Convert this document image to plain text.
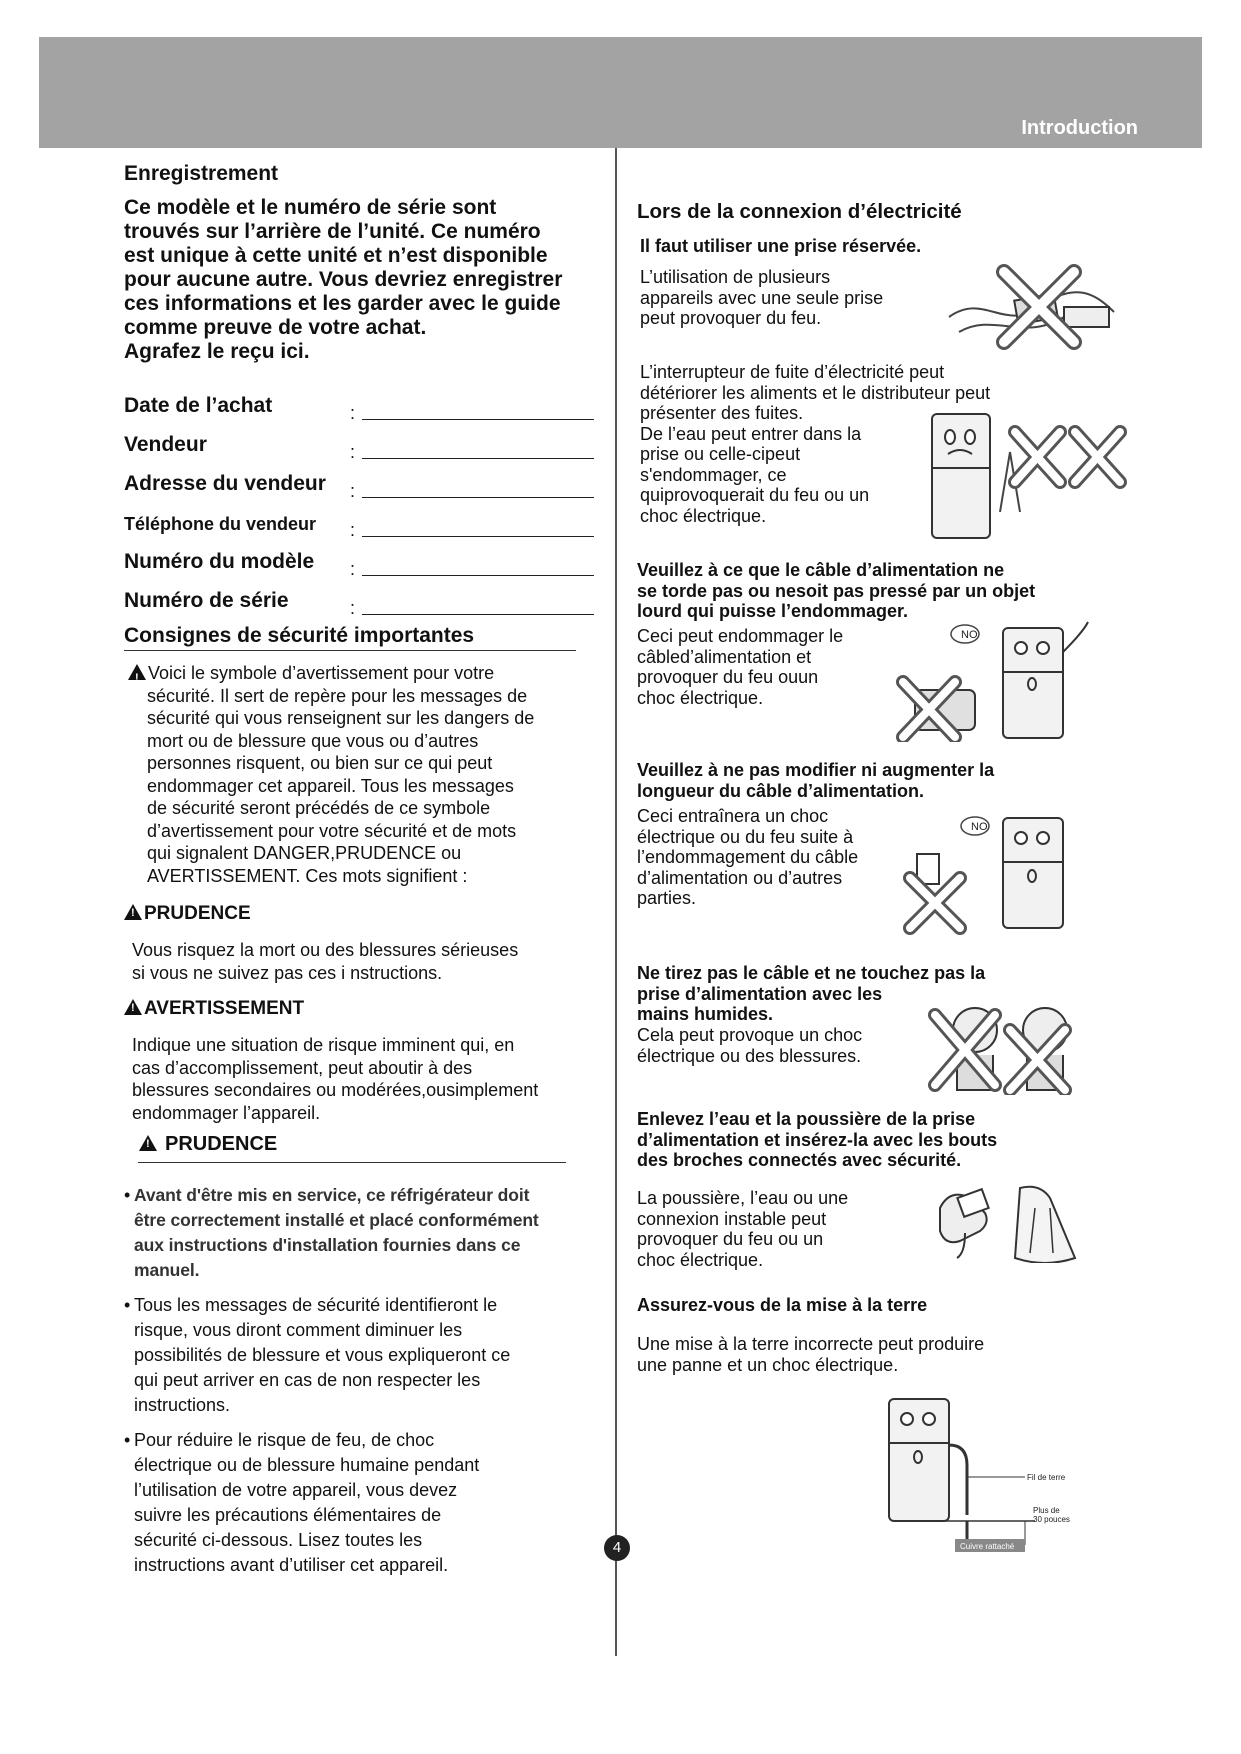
Introduction
4
Enregistrement
Ce modèle et le numéro de série sont
trouvés sur l’arrière de l’unité. Ce numéro
est unique à cette unité et n’est disponible
pour aucune autre. Vous devriez enregistrer
ces informations et les garder avec le guide
comme preuve de votre achat.
Agrafez le reçu ici.
Date de l’achat	:
Vendeur	:
Adresse du vendeur :
Téléphone du vendeur :
Numéro du modèle :
Numéro de série	:
Consignes de sécurité importantes
!Voici le symbole d’avertissement pour votre
sécurité. Il sert de repère pour les messages de
sécurité qui vous renseignent sur les dangers de
mort ou de blessure que vous ou d’autres
personnes risquent, ou bien sur ce qui peut
endommager cet appareil. Tous les messages
de sécurité seront précédés de ce symbole
d’avertissement pour votre sécurité et de mots
qui signalent DANGER,PRUDENCE ou
AVERTISSEMENT. Ces mots signifient :
!PRUDENCE
Vous risquez la mort ou des blessures sérieuses
si vous ne suivez pas ces i nstructions.
!AVERTISSEMENT
Indique une situation de risque imminent qui, en
cas d’accomplissement, peut aboutir à des
blessures secondaires ou modérées,ousimplement
endommager l’appareil.
!PRUDENCE
• Avant d'être mis en service, ce réfrigérateur doit
être correctement installé et placé conformément
aux instructions d'installation fournies dans ce
manuel.
• Tous les messages de sécurité identifieront le
risque, vous diront comment diminuer les
possibilités de blessure et vous expliqueront ce
qui peut arriver en cas de non respecter les
instructions.
• Pour réduire le risque de feu, de choc
électrique ou de blessure humaine pendant
l’utilisation de votre appareil, vous devez
suivre les précautions élémentaires de
sécurité ci-dessous. Lisez toutes les
instructions avant d’utiliser cet appareil.
Lors de la connexion d’électricité
Il faut utiliser une prise réservée.
L’utilisation de plusieurs
appareils avec une seule prise
peut provoquer du feu.
L’interrupteur de fuite d’électricité peut
détériorer les aliments et le distributeur peut
présenter des fuites.
De l’eau peut entrer dans la
prise ou celle-cipeut
s'endommager, ce
quiprovoquerait du feu ou un
choc électrique.
Veuillez à ce que le câble d’alimentation ne
se torde pas ou nesoit pas pressé par un objet
lourd qui puisse l’endommager.
Ceci peut endommager le
câbled’alimentation et
provoquer du feu ouun
choc électrique.
NO
Veuillez à ne pas modifier ni augmenter la
longueur du câble d’alimentation.
Ceci entraînera un choc
électrique ou du feu suite à
l’endommagement du câble
d’alimentation ou d’autres
parties.
NO
Ne tirez pas le câble et ne touchez pas la
prise d’alimentation avec les
mains humides.
Cela peut provoque un choc
électrique ou des blessures.
Enlevez l’eau et la poussière de la prise
d’alimentation et insérez-la avec les bouts
des broches connectés avec sécurité.
La poussière, l’eau ou une
connexion instable peut
provoquer du feu ou un
choc électrique.
Assurez-vous de la mise à la terre
Une mise à la terre incorrecte peut produire
une panne et un choc électrique.
Fil de terre
Plus de
30 pouces
Cuivre rattaché
